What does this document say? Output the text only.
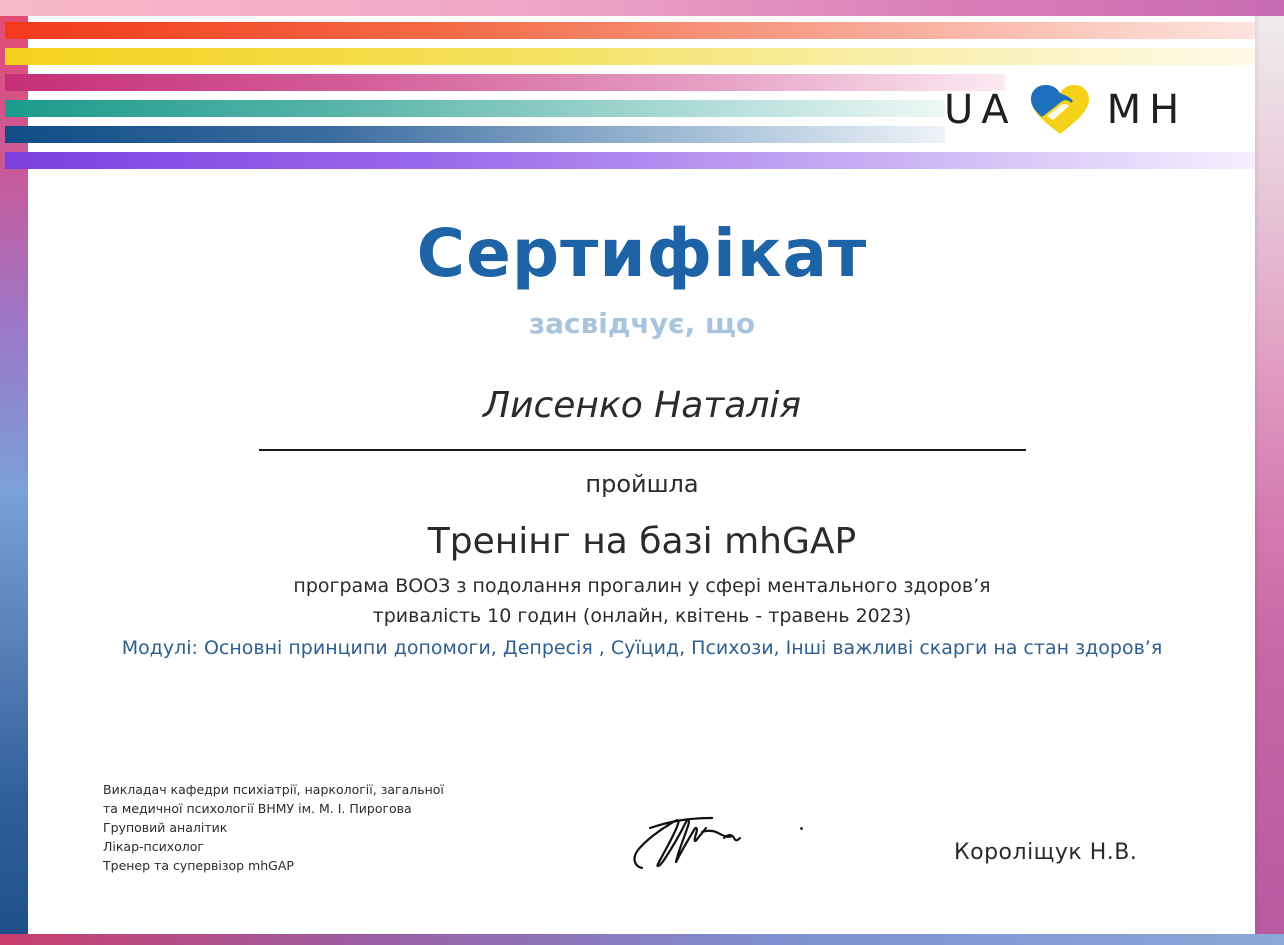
UA MH
Сертифікат
засвідчує, що
Лисенко Наталія
пройшла
Тренінг на базі mhGAP
програма ВООЗ з подолання прогалин у сфері ментального здоров’я
тривалість 10 годин (онлайн, квітень - травень 2023)
Модулі: Основні принципи допомоги, Депресія , Суїцид, Психози, Інші важливі скарги на стан здоров’я
Викладач кафедри психіатрії, наркології, загальної
та медичної психології ВНМУ ім. М. І. Пирогова
Груповий аналітик
Лікар-психолог
Тренер та супервізор mhGAP
Королiщук Н.В.
